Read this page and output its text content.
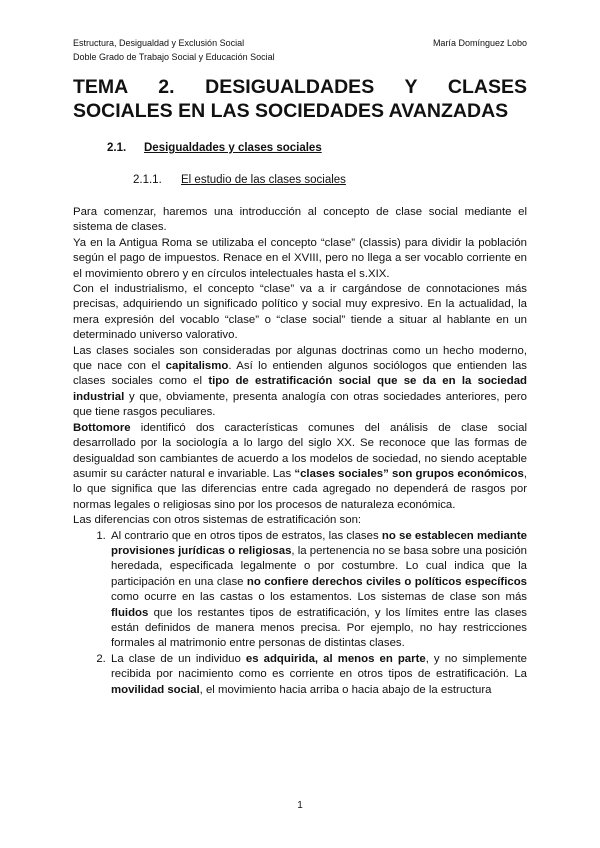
Estructura, Desigualdad y Exclusión Social	María Domínguez Lobo
Doble Grado de Trabajo Social y Educación Social
TEMA 2. DESIGUALDADES Y CLASES
SOCIALES EN LAS SOCIEDADES AVANZADAS
2.1. Desigualdades y clases sociales
2.1.1. El estudio de las clases sociales

Para comenzar, haremos una introducción al concepto de clase social mediante el sistema de clases.

Ya en la Antigua Roma se utilizaba el concepto “clase” (classis) para dividir la población según el pago de impuestos. Renace en el XVIII, pero no llega a ser vocablo corriente en el movimiento obrero y en círculos intelectuales hasta el s.XIX.

Con el industrialismo, el concepto “clase” va a ir cargándose de connotaciones más precisas, adquiriendo un significado político y social muy expresivo. En la actualidad, la mera expresión del vocablo “clase” o “clase social” tiende a situar al hablante en un determinado universo valorativo.

Las clases sociales son consideradas por algunas doctrinas como un hecho moderno, que nace con el capitalismo. Así lo entienden algunos sociólogos que entienden las clases sociales como el tipo de estratificación social que se da en la sociedad industrial y que, obviamente, presenta analogía con otras sociedades anteriores, pero que tiene rasgos peculiares.

Bottomore identificó dos características comunes del análisis de clase social desarrollado por la sociología a lo largo del siglo XX. Se reconoce que las formas de desigualdad son cambiantes de acuerdo a los modelos de sociedad, no siendo aceptable asumir su carácter natural e invariable. Las “clases sociales” son grupos económicos, lo que significa que las diferencias entre cada agregado no dependerá de rasgos por normas legales o religiosas sino por los procesos de naturaleza económica.

Las diferencias con otros sistemas de estratificación son:

1. Al contrario que en otros tipos de estratos, las clases no se establecen mediante provisiones jurídicas o religiosas, la pertenencia no se basa sobre una posición heredada, especificada legalmente o por costumbre. Lo cual indica que la participación en una clase no confiere derechos civiles o políticos específicos como ocurre en las castas o los estamentos. Los sistemas de clase son más fluidos que los restantes tipos de estratificación, y los límites entre las clases están definidos de manera menos precisa. Por ejemplo, no hay restricciones formales al matrimonio entre personas de distintas clases.
2. La clase de un individuo es adquirida, al menos en parte, y no simplemente recibida por nacimiento como es corriente en otros tipos de estratificación. La movilidad social, el movimiento hacia arriba o hacia abajo de la estructura
1
